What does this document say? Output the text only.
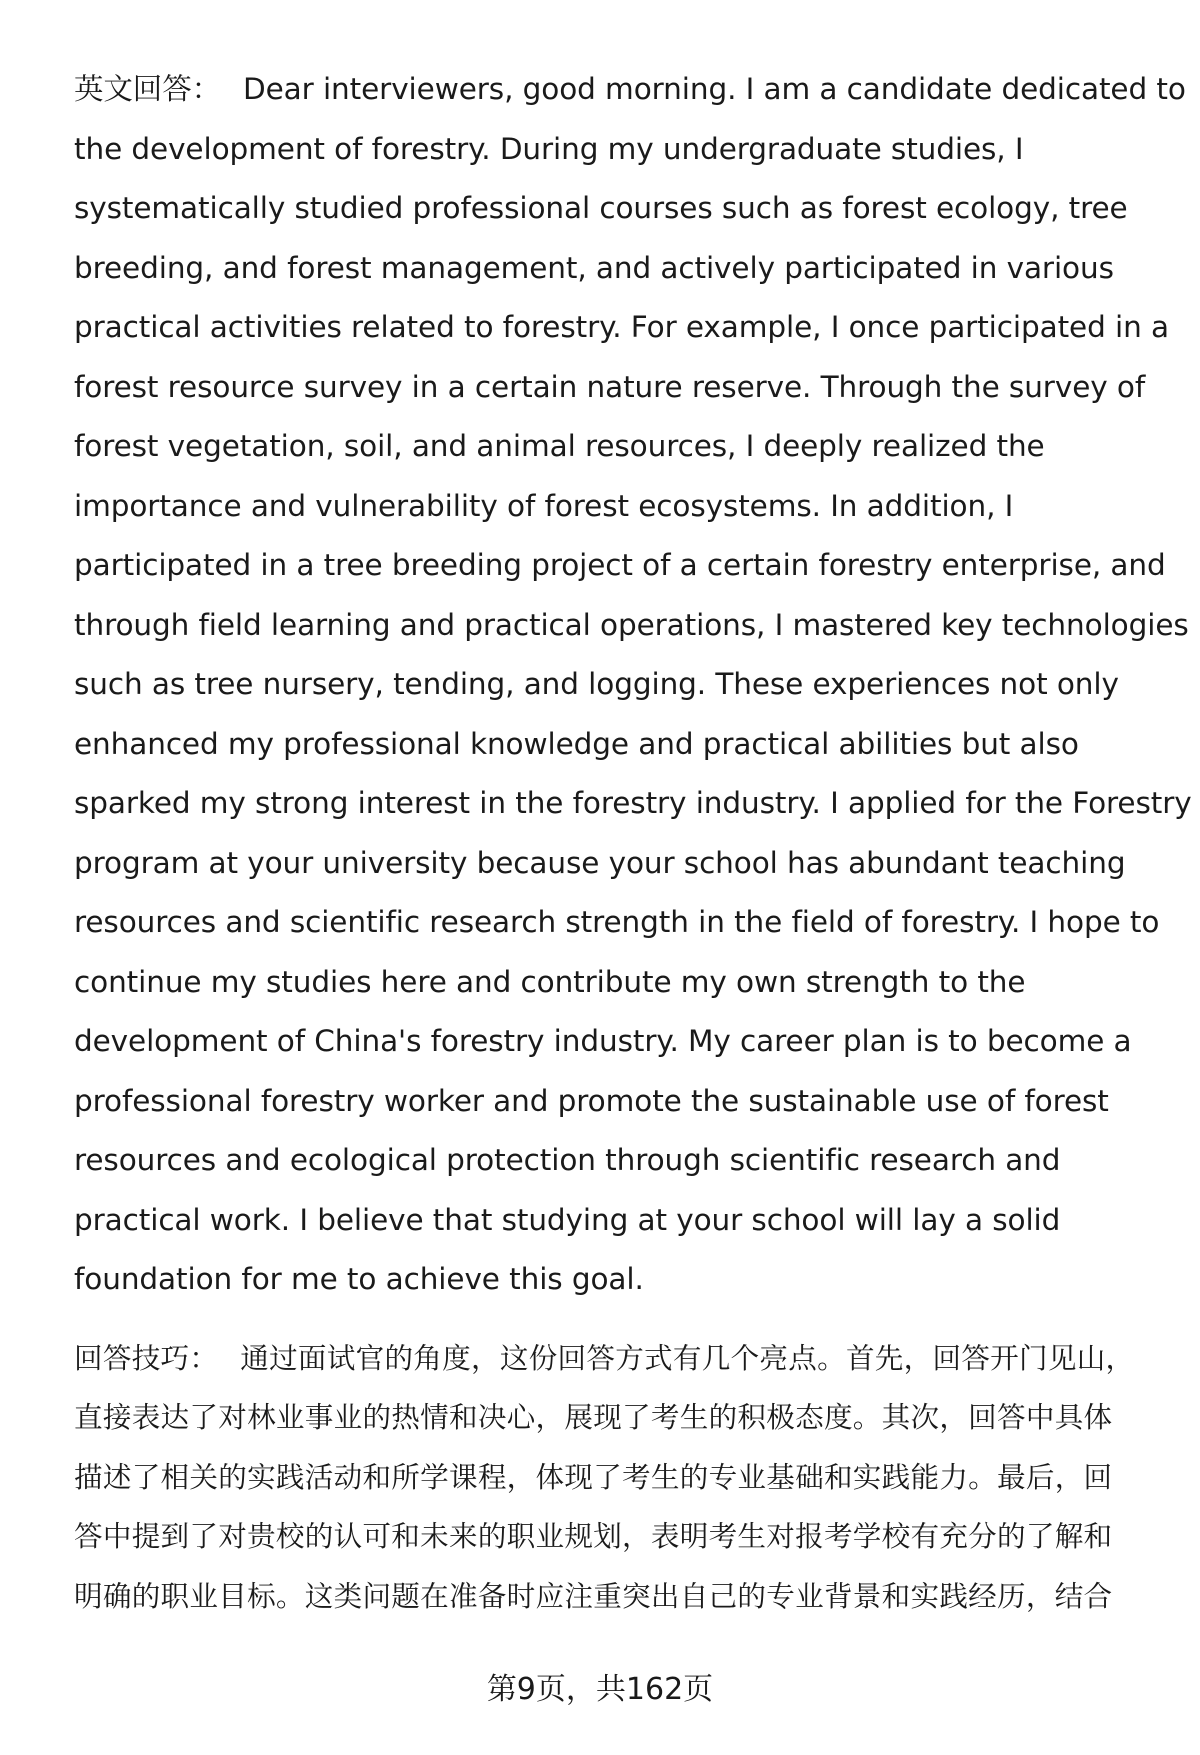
英文回答： Dear interviewers, good morning. I am a candidate dedicated to
the development of forestry. During my undergraduate studies, I
systematically studied professional courses such as forest ecology, tree
breeding, and forest management, and actively participated in various
practical activities related to forestry. For example, I once participated in a
forest resource survey in a certain nature reserve. Through the survey of
forest vegetation, soil, and animal resources, I deeply realized the
importance and vulnerability of forest ecosystems. In addition, I
participated in a tree breeding project of a certain forestry enterprise, and
through field learning and practical operations, I mastered key technologies
such as tree nursery, tending, and logging. These experiences not only
enhanced my professional knowledge and practical abilities but also
sparked my strong interest in the forestry industry. I applied for the Forestry
program at your university because your school has abundant teaching
resources and scientific research strength in the field of forestry. I hope to
continue my studies here and contribute my own strength to the
development of China's forestry industry. My career plan is to become a
professional forestry worker and promote the sustainable use of forest
resources and ecological protection through scientific research and
practical work. I believe that studying at your school will lay a solid
foundation for me to achieve this goal.
回答技巧： 通过面试官的角度，这份回答方式有几个亮点。首先，回答开门见山，
直接表达了对林业事业的热情和决心，展现了考生的积极态度。其次，回答中具体
描述了相关的实践活动和所学课程，体现了考生的专业基础和实践能力。最后，回
答中提到了对贵校的认可和未来的职业规划，表明考生对报考学校有充分的了解和
明确的职业目标。这类问题在准备时应注重突出自己的专业背景和实践经历，结合
第9页，共162页
